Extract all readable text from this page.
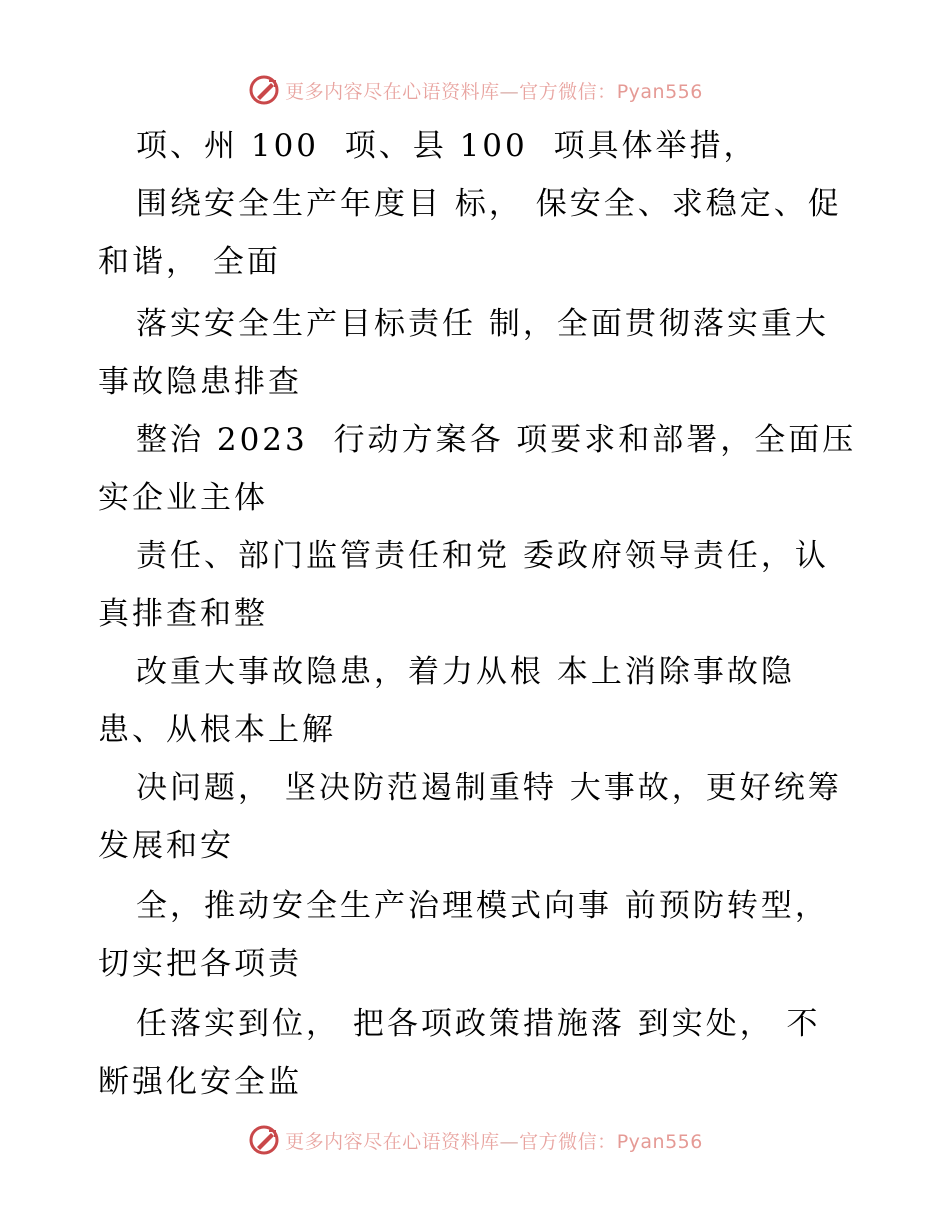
更多内容尽在心语资料库—官方微信：Pyan556
项、州 100  项、县 100  项具体举措，
围绕安全生产年度目 标， 保安全、求稳定、促
和谐， 全面
落实安全生产目标责任 制，全面贯彻落实重大
事故隐患排查
整治 2023  行动方案各 项要求和部署，全面压
实企业主体
责任、部门监管责任和党 委政府领导责任，认
真排查和整
改重大事故隐患，着力从根 本上消除事故隐
患、从根本上解
决问题， 坚决防范遏制重特 大事故，更好统筹
发展和安
全，推动安全生产治理模式向事 前预防转型，
切实把各项责
任落实到位， 把各项政策措施落 到实处， 不
断强化安全监
更多内容尽在心语资料库—官方微信：Pyan556
